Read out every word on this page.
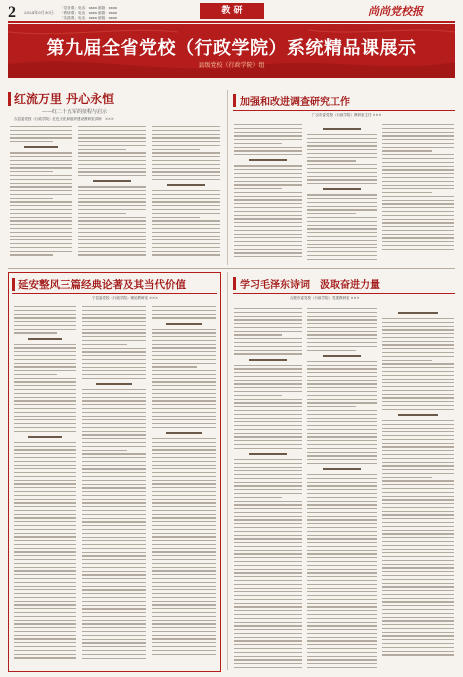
2 2024年9月30日
「党务课」电话：xxxx 邮箱：xxxx
「教研课」电话：xxxx 邮箱：xxxx
「实践课」电话：xxxx 邮箱：xxxx
教 研	尚尚党校报
第九届全省党校（行政学院）系统精品课展示
县级党校（行政学院）组
红流万里 丹心永恒
——红二十五军的征程与启示
吉县委党校（行政学院）红色文化和组织建设教研室讲师　×××
加强和改进调查研究工作
广汉市委党校（行政学院）教研室主任 ×××
学习毛泽东诗词　汲取奋进力量
合肥市委党校（行政学院）党建教研室 ×××
延安整风三篇经典论著及其当代价值
宁县委党校（行政学院）理论教研室 ×××
